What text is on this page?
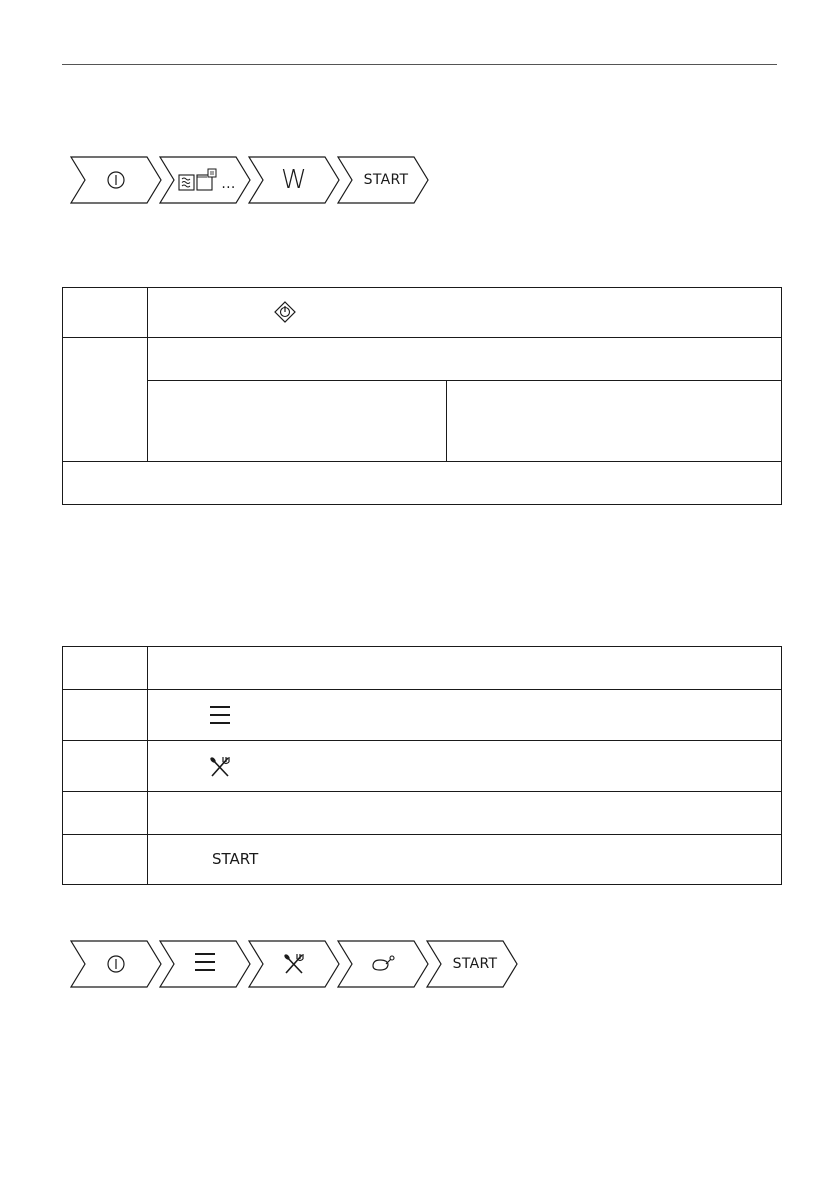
... W	START
START
START
